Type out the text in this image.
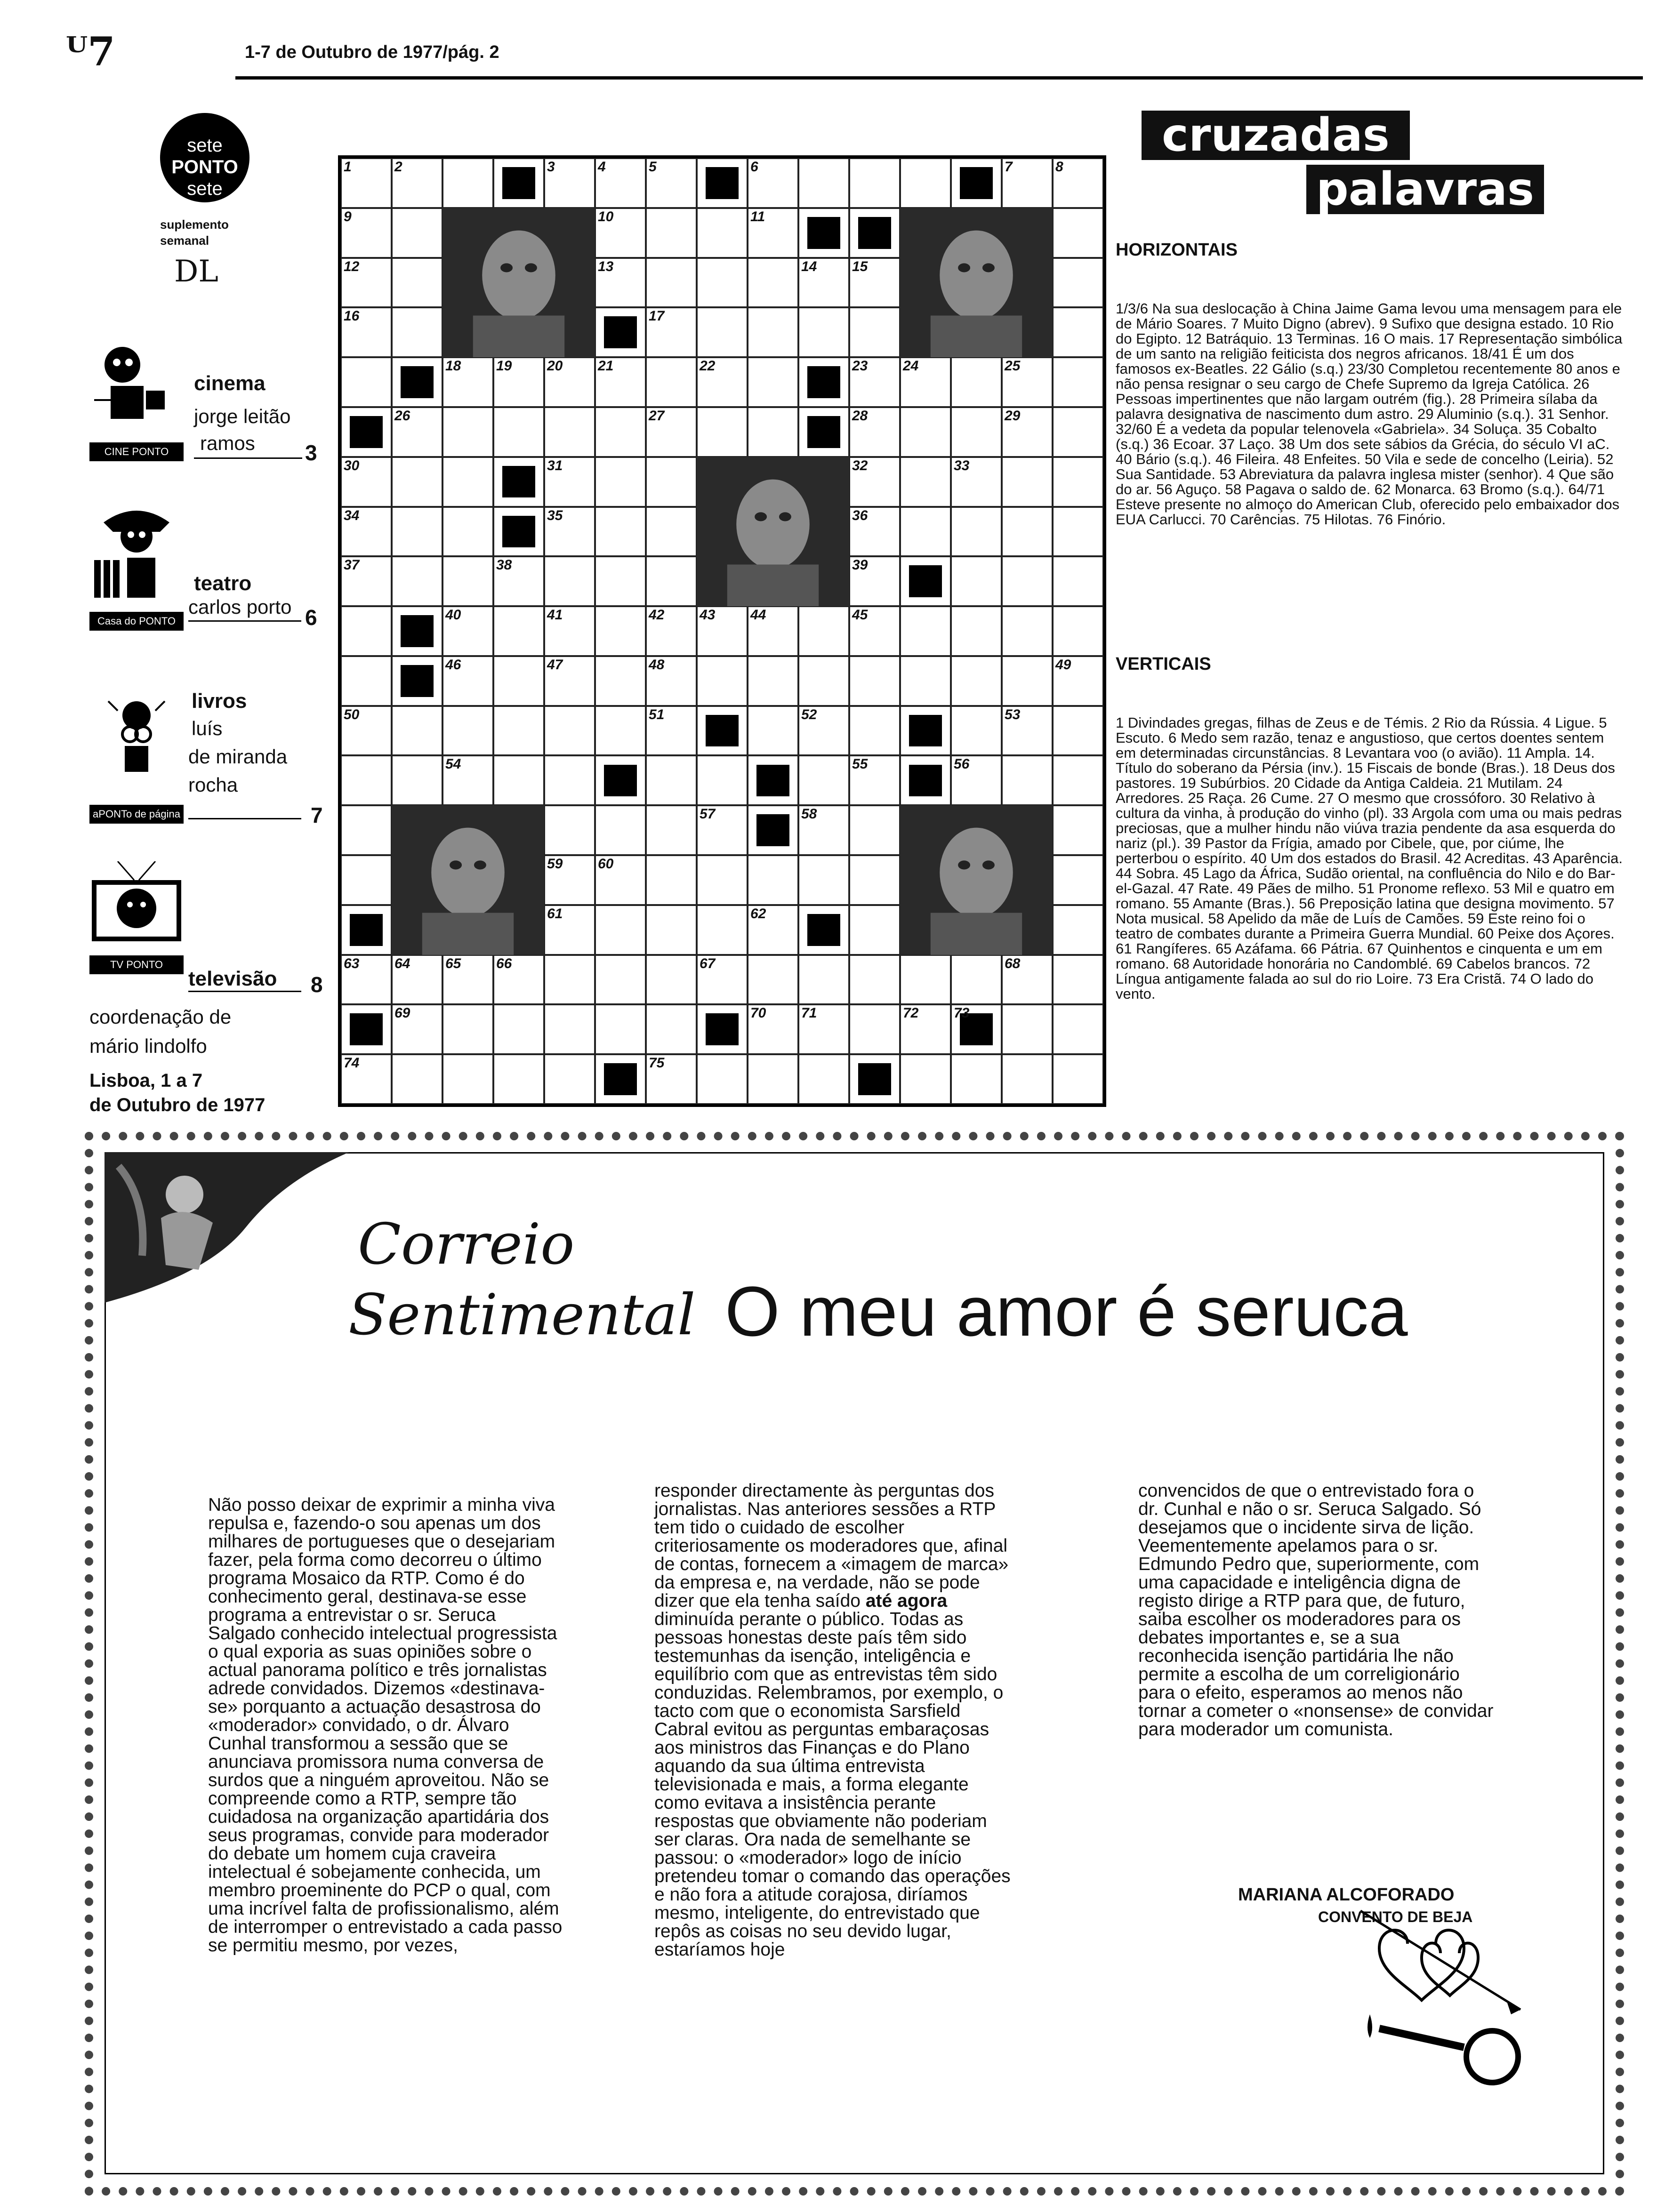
ᵂ7	1-7 de Outubro de 1977/pág. 2
sete
PONTO
sete
suplemento
semanal
DL
CINE PONTO
cinema
jorge leitão
ramos 3
Casa do PONTO
teatro
carlos porto 6
aPONTo de página
livros
luís
de miranda
rocha
7
TV PONTO
televisão 8
coordenação de
mário lindolfo
Lisboa, 1 a 7
de Outubro de 1977
1	2	3	4	5	6	7	8
9	10	11
12	13	14 15
16	17
18 19 20 21	22	23 24	25
26	27	28	29
30	31	32	33
34	35	36
37	38	39
40	41	42 43 44	45
46	47	48	49
50	51	52	53
54	55	56
57	58
59 60
61	62
63 64 65 66	67	68
69	70 71	72 73
74	75
cruzadas
palavras
HORIZONTAIS
1/3/6 Na sua deslocação à China Jaime Gama levou uma mensagem para ele de Mário Soares. 7 Muito Digno (abrev). 9 Sufixo que designa estado. 10 Rio do Egipto. 12 Batráquio. 13 Terminas. 16 O mais. 17 Representação simbólica de um santo na religião feiticista dos negros africanos. 18/41 É um dos famosos ex-Beatles. 22 Gálio (s.q.) 23/30 Completou recentemente 80 anos e não pensa resignar o seu cargo de Chefe Supremo da Igreja Católica. 26 Pessoas impertinentes que não largam outrém (fig.). 28 Primeira sílaba da palavra designativa de nascimento dum astro. 29 Aluminio (s.q.). 31 Senhor. 32/60 É a vedeta da popular telenovela «Gabriela». 34 Soluça. 35 Cobalto (s.q.) 36 Ecoar. 37 Laço. 38 Um dos sete sábios da Grécia, do século VI aC. 40 Bário (s.q.). 46 Fileira. 48 Enfeites. 50 Vila e sede de concelho (Leiria). 52 Sua Santidade. 53 Abreviatura da palavra inglesa mister (senhor). 4 Que são do ar. 56 Aguço. 58 Pagava o saldo de. 62 Monarca. 63 Bromo (s.q.). 64/71 Esteve presente no almoço do American Club, oferecido pelo embaixador dos EUA Carlucci. 70 Carências. 75 Hilotas. 76 Finório.
VERTICAIS
1 Divindades gregas, filhas de Zeus e de Témis. 2 Rio da Rússia. 4 Ligue. 5 Escuto. 6 Medo sem razão, tenaz e angustioso, que certos doentes sentem em determinadas circunstâncias. 8 Levantara voo (o avião). 11 Ampla. 14. Título do soberano da Pérsia (inv.). 15 Fiscais de bonde (Bras.). 18 Deus dos pastores. 19 Subúrbios. 20 Cidade da Antiga Caldeia. 21 Mutilam. 24 Arredores. 25 Raça. 26 Cume. 27 O mesmo que crossóforo. 30 Relativo à cultura da vinha, à produção do vinho (pl). 33 Argola com uma ou mais pedras preciosas, que a mulher hindu não viúva trazia pendente da asa esquerda do nariz (pl.). 39 Pastor da Frígia, amado por Cibele, que, por ciúme, lhe perterbou o espírito. 40 Um dos estados do Brasil. 42 Acreditas. 43 Aparência. 44 Sobra. 45 Lago da África, Sudão oriental, na confluência do Nilo e do Bar-el-Gazal. 47 Rate. 49 Pães de milho. 51 Pronome reflexo. 53 Mil e quatro em romano. 55 Amante (Bras.). 56 Preposição latina que designa movimento. 57 Nota musical. 58 Apelido da mãe de Luís de Camões. 59 Este reino foi o teatro de combates durante a Primeira Guerra Mundial. 60 Peixe dos Açores. 61 Rangíferes. 65 Azáfama. 66 Pátria. 67 Quinhentos e cinquenta e um em romano. 68 Autoridade honorária no Candomblé. 69 Cabelos brancos. 72 Língua antigamente falada ao sul do rio Loire. 73 Era Cristã. 74 O lado do vento.
Correio
Sentimental O meu amor é seruca

Não posso deixar de exprimir a minha viva repulsa e, fazendo-o sou apenas um dos milhares de portugueses que o desejariam fazer, pela forma como decorreu o último programa Mosaico da RTP. Como é do conhecimento geral, destinava-se esse programa a entrevistar o sr. Seruca Salgado conhecido intelectual progressista o qual exporia as suas opiniões sobre o actual panorama político e três jornalistas adrede convidados. Dizemos «destinava-se» porquanto a actuação desastrosa do «moderador» convidado, o dr. Álvaro Cunhal transformou a sessão que se anunciava promissora numa conversa de surdos que a ninguém aproveitou. Não se compreende como a RTP, sempre tão cuidadosa na organização apartidária dos seus programas, convide para moderador do debate um homem cuja craveira intelectual é sobejamente conhecida, um membro proeminente do PCP o qual, com uma incrível falta de profissionalismo, além de interromper o entrevistado a cada passo se permitiu mesmo, por vezes,

responder directamente às perguntas dos jornalistas. Nas anteriores sessões a RTP tem tido o cuidado de escolher criteriosamente os moderadores que, afinal de contas, fornecem a «imagem de marca» da empresa e, na verdade, não se pode dizer que ela tenha saído até agora diminuída perante o público. Todas as pessoas honestas deste país têm sido testemunhas da isenção, inteligência e equilíbrio com que as entrevistas têm sido conduzidas. Relembramos, por exemplo, o tacto com que o economista Sarsfield Cabral evitou as perguntas embaraçosas aos ministros das Finanças e do Plano aquando da sua última entrevista televisionada e mais, a forma elegante como evitava a insistência perante respostas que obviamente não poderiam ser claras. Ora nada de semelhante se passou: o «moderador» logo de início pretendeu tomar o comando das operações e não fora a atitude corajosa, diríamos mesmo, inteligente, do entrevistado que repôs as coisas no seu devido lugar, estaríamos hoje

convencidos de que o entrevistado fora o dr. Cunhal e não o sr. Seruca Salgado. Só desejamos que o incidente sirva de lição. Veementemente apelamos para o sr. Edmundo Pedro que, superiormente, com uma capacidade e inteligência digna de registo dirige a RTP para que, de futuro, saiba escolher os moderadores para os debates importantes e, se a sua reconhecida isenção partidária lhe não permite a escolha de um correligionário para o efeito, esperamos ao menos não tornar a cometer o «nonsense» de convidar para moderador um comunista.

MARIANA ALCOFORADO
CONVENTO DE BEJA
